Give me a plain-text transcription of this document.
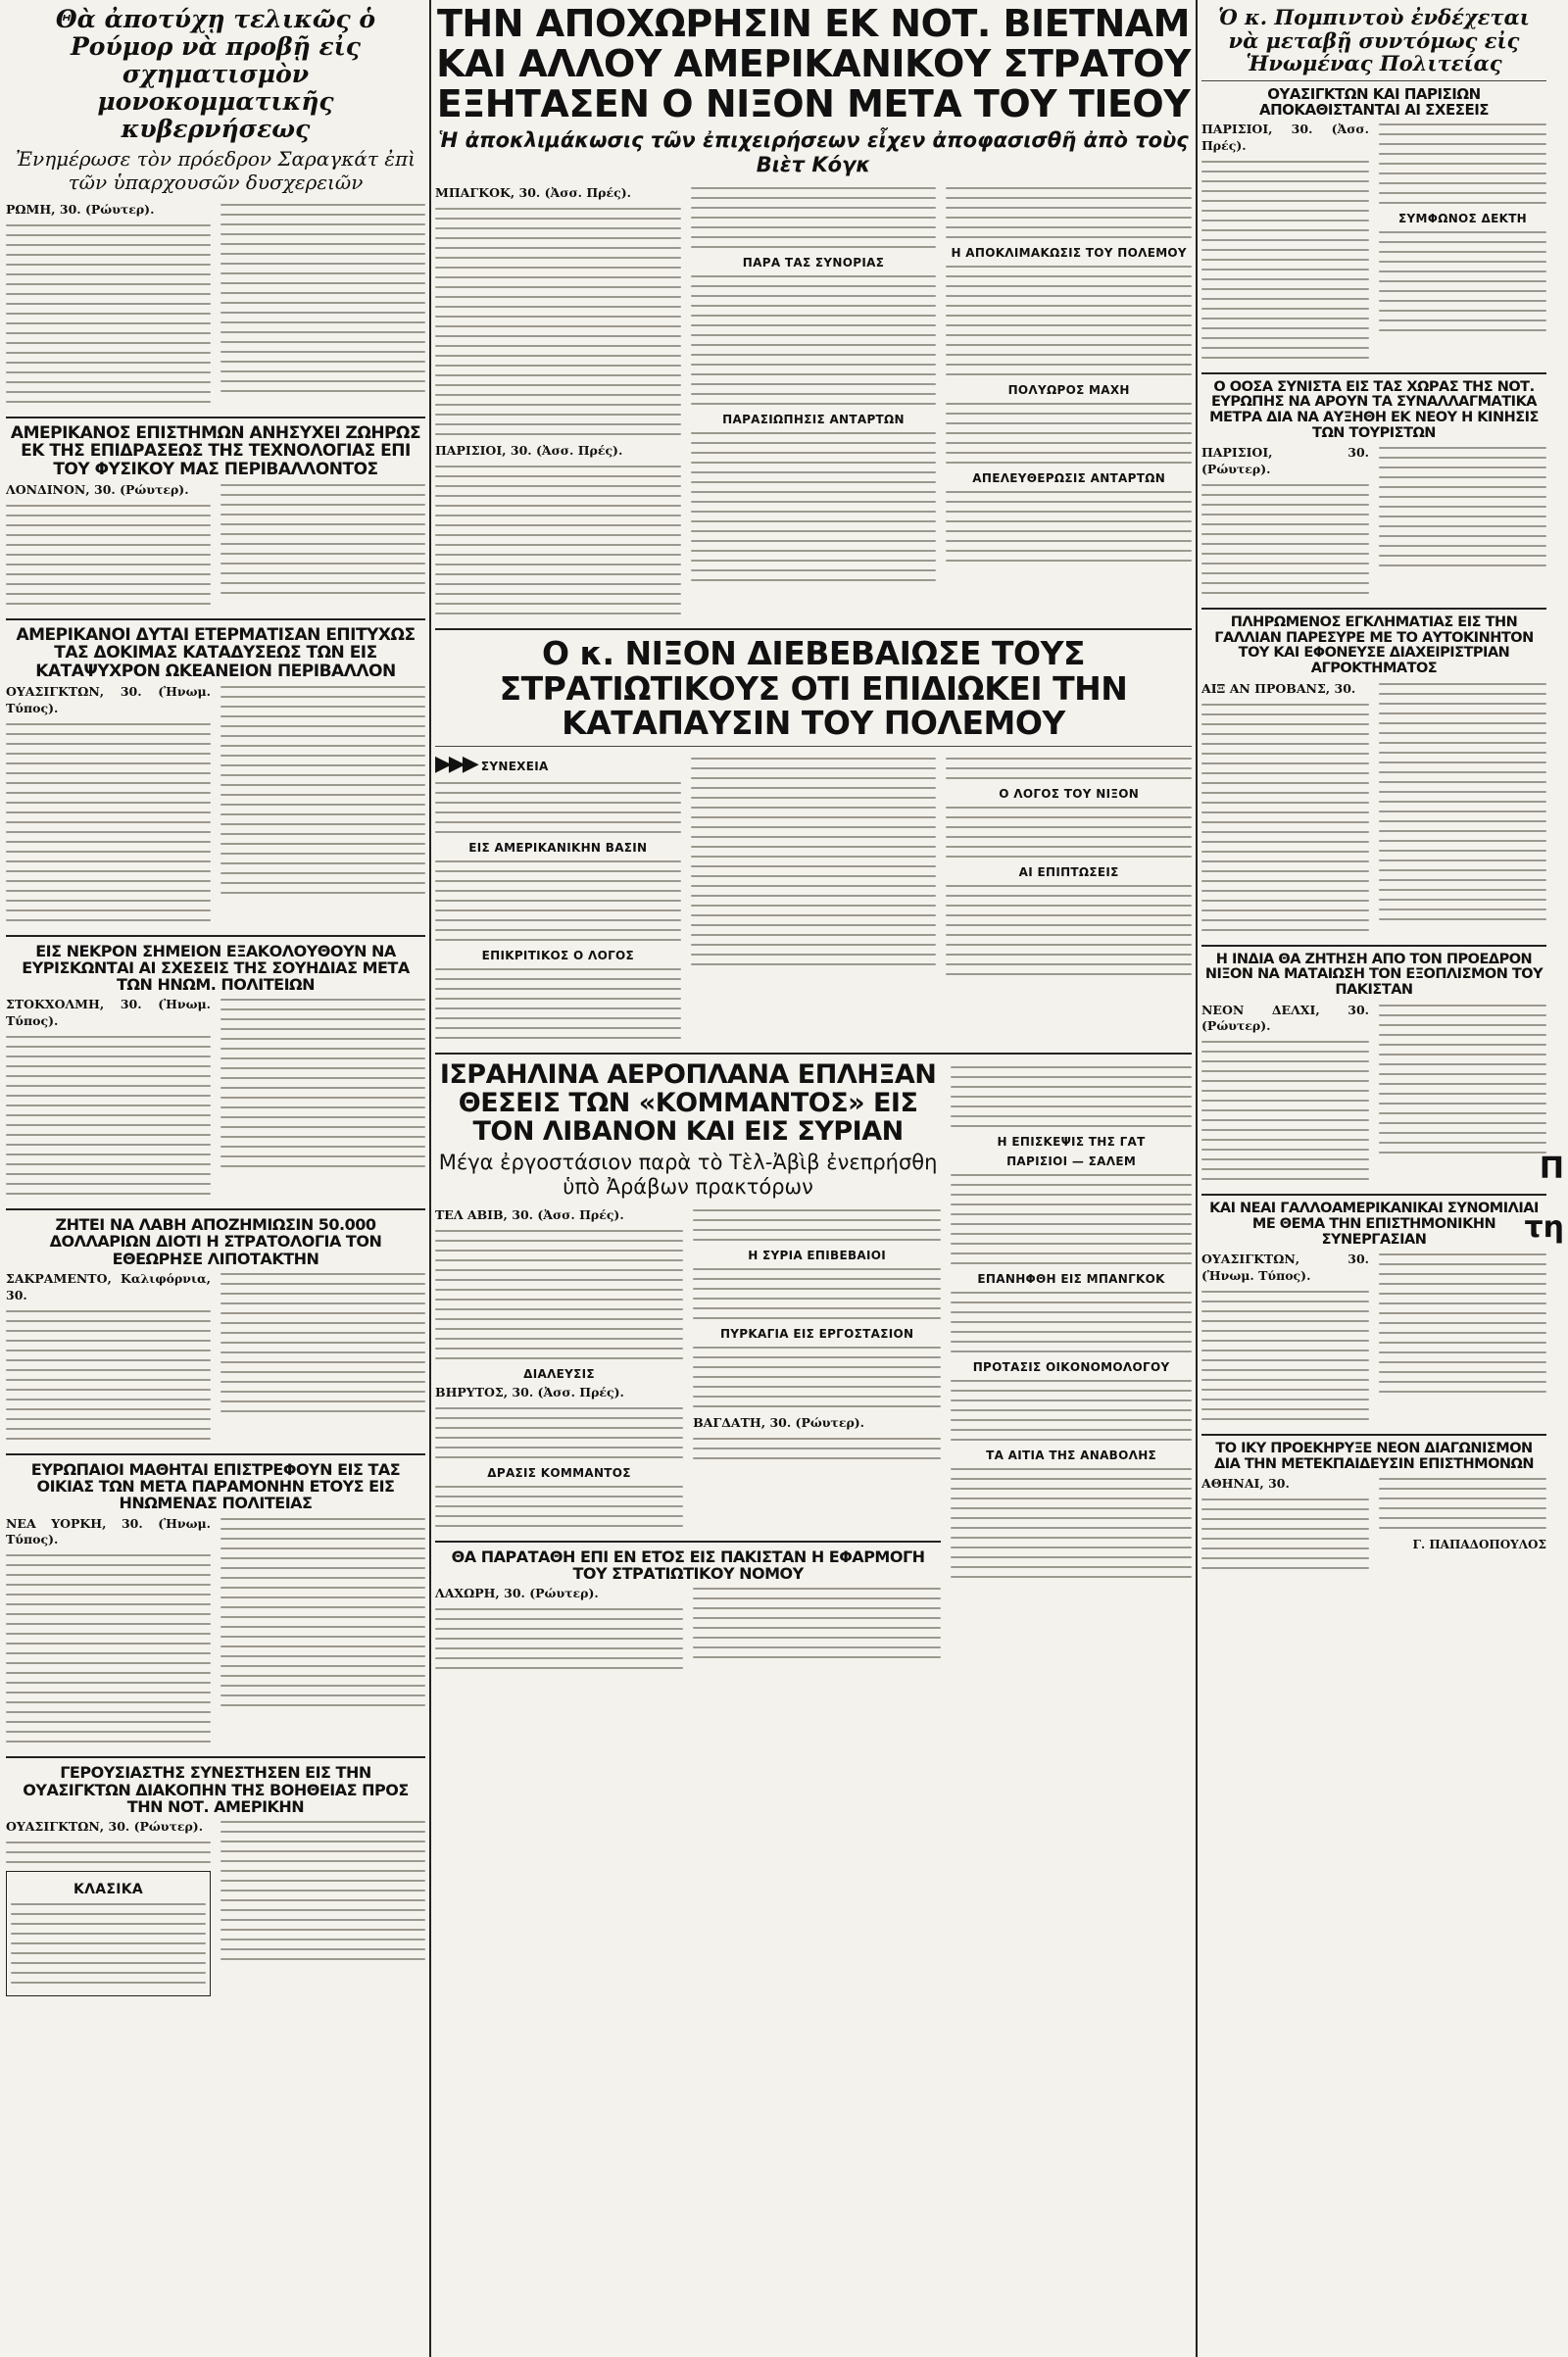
Θὰ ἀποτύχῃ τελικῶς ὁ Ρούμορ νὰ προβῇ εἰς σχηματισμὸν μονοκομματικῆς κυβερνήσεως

Ἐνημέρωσε τὸν πρόεδρον Σαραγκάτ ἐπὶ τῶν ὑπαρχουσῶν δυσχερειῶν

ΡΩΜΗ, 30. (Ρώυτερ).

ΑΜΕΡΙΚΑΝΟΣ ΕΠΙΣΤΗΜΩΝ ΑΝΗΣΥΧΕΙ ΖΩΗΡΩΣ ΕΚ ΤΗΣ ΕΠΙΔΡΑΣΕΩΣ ΤΗΣ ΤΕΧΝΟΛΟΓΙΑΣ ΕΠΙ ΤΟΥ ΦΥΣΙΚΟΥ ΜΑΣ ΠΕΡΙΒΑΛΛΟΝΤΟΣ

ΛΟΝΔΙΝΟΝ, 30. (Ρώυτερ).

ΑΜΕΡΙΚΑΝΟΙ ΔΥΤΑΙ ΕΤΕΡΜΑΤΙΣΑΝ ΕΠΙΤΥΧΩΣ ΤΑΣ ΔΟΚΙΜΑΣ ΚΑΤΑΔΥΣΕΩΣ ΤΩΝ ΕΙΣ ΚΑΤΑΨΥΧΡΟΝ ΩΚΕΑΝΕΙΟΝ ΠΕΡΙΒΑΛΛΟΝ

ΟΥΑΣΙΓΚΤΩΝ, 30. (Ἠνωμ. Τύπος).

ΕΙΣ ΝΕΚΡΟΝ ΣΗΜΕΙΟΝ ΕΞΑΚΟΛΟΥΘΟΥΝ ΝΑ ΕΥΡΙΣΚΩΝΤΑΙ ΑΙ ΣΧΕΣΕΙΣ ΤΗΣ ΣΟΥΗΔΙΑΣ ΜΕΤΑ ΤΩΝ ΗΝΩΜ. ΠΟΛΙΤΕΙΩΝ

ΣΤΟΚΧΟΛΜΗ, 30. (Ἠνωμ. Τύπος).

ΖΗΤΕΙ ΝΑ ΛΑΒΗ ΑΠΟΖΗΜΙΩΣΙΝ 50.000 ΔΟΛΛΑΡΙΩΝ ΔΙΟΤΙ Η ΣΤΡΑΤΟΛΟΓΙΑ ΤΟΝ ΕΘΕΩΡΗΣΕ ΛΙΠΟΤΑΚΤΗΝ

ΣΑΚΡΑΜΕΝΤΟ, Καλιφόρνια, 30.

ΕΥΡΩΠΑΙΟΙ ΜΑΘΗΤΑΙ ΕΠΙΣΤΡΕΦΟΥΝ ΕΙΣ ΤΑΣ ΟΙΚΙΑΣ ΤΩΝ ΜΕΤΑ ΠΑΡΑΜΟΝΗΝ ΕΤΟΥΣ ΕΙΣ ΗΝΩΜΕΝΑΣ ΠΟΛΙΤΕΙΑΣ

ΝΕΑ ΥΟΡΚΗ, 30. (Ἠνωμ. Τύπος).

ΓΕΡΟΥΣΙΑΣΤΗΣ ΣΥΝΕΣΤΗΣΕΝ ΕΙΣ ΤΗΝ ΟΥΑΣΙΓΚΤΩΝ ΔΙΑΚΟΠΗΝ ΤΗΣ ΒΟΗΘΕΙΑΣ ΠΡΟΣ ΤΗΝ ΝΟΤ. ΑΜΕΡΙΚΗΝ

ΟΥΑΣΙΓΚΤΩΝ, 30. (Ρώυτερ).

ΚΛΑΣΙΚΑ
ΤΗΝ ΑΠΟΧΩΡΗΣΙΝ ΕΚ ΝΟΤ. ΒΙΕΤΝΑΜ ΚΑΙ ΑΛΛΟΥ ΑΜΕΡΙΚΑΝΙΚΟΥ ΣΤΡΑΤΟΥ ΕΞΗΤΑΣΕΝ Ο ΝΙΞΟΝ ΜΕΤΑ ΤΟΥ ΤΙΕΟΥ

Ἡ ἀποκλιμάκωσις τῶν ἐπιχειρήσεων εἶχεν ἀποφασισθῆ ἀπὸ τοὺς Βιὲτ Κόγκ

ΜΠΑΓΚΟΚ, 30. (Ἀσσ. Πρές).

ΠΑΡΙΣΙΟΙ, 30. (Ἀσσ. Πρές).

ΠΑΡΑ ΤΑΣ ΣΥΝΟΡΙΑΣ
ΠΑΡΑΣΙΩΠΗΣΙΣ ΑΝΤΑΡΤΩΝ
Η ΑΠΟΚΛΙΜΑΚΩΣΙΣ ΤΟΥ ΠΟΛΕΜΟΥ
ΠΟΛΥΩΡΟΣ ΜΑΧΗ
ΑΠΕΛΕΥΘΕΡΩΣΙΣ ΑΝΤΑΡΤΩΝ
Ο κ. ΝΙΞΟΝ ΔΙΕΒΕΒΑΙΩΣΕ ΤΟΥΣ ΣΤΡΑΤΙΩΤΙΚΟΥΣ ΟΤΙ ΕΠΙΔΙΩΚΕΙ ΤΗΝ ΚΑΤΑΠΑΥΣΙΝ ΤΟΥ ΠΟΛΕΜΟΥ
▶▶▶ ΣΥΝΕΧΕΙΑ
ΕΙΣ ΑΜΕΡΙΚΑΝΙΚΗΝ ΒΑΣΙΝ
ΕΠΙΚΡΙΤΙΚΟΣ Ο ΛΟΓΟΣ
Ο ΛΟΓΟΣ ΤΟΥ ΝΙΞΟΝ
ΑΙ ΕΠΙΠΤΩΣΕΙΣ
ΙΣΡΑΗΛΙΝΑ ΑΕΡΟΠΛΑΝΑ ΕΠΛΗΞΑΝ ΘΕΣΕΙΣ ΤΩΝ «ΚΟΜΜΑΝΤΟΣ» ΕΙΣ ΤΟΝ ΛΙΒΑΝΟΝ ΚΑΙ ΕΙΣ ΣΥΡΙΑΝ

Μέγα ἐργοστάσιον παρὰ τὸ Τὲλ-Ἀβὶβ ἐνεπρήσθη ὑπὸ Ἀράβων πρακτόρων

ΤΕΛ ΑΒΙΒ, 30. (Ἀσσ. Πρές).

ΔΙΑΛΕΥΣΙΣ

ΒΗΡΥΤΟΣ, 30. (Ἀσσ. Πρές).

ΔΡΑΣΙΣ ΚΟΜΜΑΝΤΟΣ
Η ΣΥΡΙΑ ΕΠΙΒΕΒΑΙΟΙ
ΠΥΡΚΑΓΙΑ ΕΙΣ ΕΡΓΟΣΤΑΣΙΟΝ

ΒΑΓΔΑΤΗ, 30. (Ρώυτερ).

ΘΑ ΠΑΡΑΤΑΘΗ ΕΠΙ ΕΝ ΕΤΟΣ ΕΙΣ ΠΑΚΙΣΤΑΝ Η ΕΦΑΡΜΟΓΗ ΤΟΥ ΣΤΡΑΤΙΩΤΙΚΟΥ ΝΟΜΟΥ

ΛΑΧΩΡΗ, 30. (Ρώυτερ).

Η ΕΠΙΣΚΕΨΙΣ ΤΗΣ ΓΑΤ
ΠΑΡΙΣΙΟΙ — ΣΑΛΕΜ
ΕΠΑΝΗΦΘΗ ΕΙΣ ΜΠΑΝΓΚΟΚ
ΠΡΟΤΑΣΙΣ ΟΙΚΟΝΟΜΟΛΟΓΟΥ
ΤΑ ΑΙΤΙΑ ΤΗΣ ΑΝΑΒΟΛΗΣ
Ὁ κ. Πομπιντοὺ ἐνδέχεται νὰ μεταβῇ συντόμως εἰς Ἡνωμένας Πολιτείας
ΟΥΑΣΙΓΚΤΩΝ ΚΑΙ ΠΑΡΙΣΙΩΝ ΑΠΟΚΑΘΙΣΤΑΝΤΑΙ ΑΙ ΣΧΕΣΕΙΣ

ΠΑΡΙΣΙΟΙ, 30. (Ἀσσ. Πρές).

ΣΥΜΦΩΝΟΣ ΔΕΚΤΗ
Ο ΟΟΣΑ ΣΥΝΙΣΤΑ ΕΙΣ ΤΑΣ ΧΩΡΑΣ ΤΗΣ ΝΟΤ. ΕΥΡΩΠΗΣ ΝΑ ΑΡΟΥΝ ΤΑ ΣΥΝΑΛΛΑΓΜΑΤΙΚΑ ΜΕΤΡΑ ΔΙΑ ΝΑ ΑΥΞΗΘΗ ΕΚ ΝΕΟΥ Η ΚΙΝΗΣΙΣ ΤΩΝ ΤΟΥΡΙΣΤΩΝ

ΠΑΡΙΣΙΟΙ, 30. (Ρώυτερ).

ΠΛΗΡΩΜΕΝΟΣ ΕΓΚΛΗΜΑΤΙΑΣ ΕΙΣ ΤΗΝ ΓΑΛΛΙΑΝ ΠΑΡΕΣΥΡΕ ΜΕ ΤΟ ΑΥΤΟΚΙΝΗΤΟΝ ΤΟΥ ΚΑΙ ΕΦΟΝΕΥΣΕ ΔΙΑΧΕΙΡΙΣΤΡΙΑΝ ΑΓΡΟΚΤΗΜΑΤΟΣ

ΑΙΞ ΑΝ ΠΡΟΒΑΝΣ, 30.

Η ΙΝΔΙΑ ΘΑ ΖΗΤΗΣΗ ΑΠΟ ΤΟΝ ΠΡΟΕΔΡΟΝ ΝΙΞΟΝ ΝΑ ΜΑΤΑΙΩΣΗ ΤΟΝ ΕΞΟΠΛΙΣΜΟΝ ΤΟΥ ΠΑΚΙΣΤΑΝ

ΝΕΟΝ ΔΕΛΧΙ, 30. (Ρώυτερ).

ΚΑΙ ΝΕΑΙ ΓΑΛΛΟΑΜΕΡΙΚΑΝΙΚΑΙ ΣΥΝΟΜΙΛΙΑΙ ΜΕ ΘΕΜΑ ΤΗΝ ΕΠΙΣΤΗΜΟΝΙΚΗΝ ΣΥΝΕΡΓΑΣΙΑΝ

ΟΥΑΣΙΓΚΤΩΝ, 30. (Ἠνωμ. Τύπος).

ΤΟ ΙΚΥ ΠΡΟΕΚΗΡΥΞΕ ΝΕΟΝ ΔΙΑΓΩΝΙΣΜΟΝ ΔΙΑ ΤΗΝ ΜΕΤΕΚΠΑΙΔΕΥΣΙΝ ΕΠΙΣΤΗΜΟΝΩΝ

ΑΘΗΝΑΙ, 30.

Γ. ΠΑΠΑΔΟΠΟΥΛΟΣ

Π
τη
